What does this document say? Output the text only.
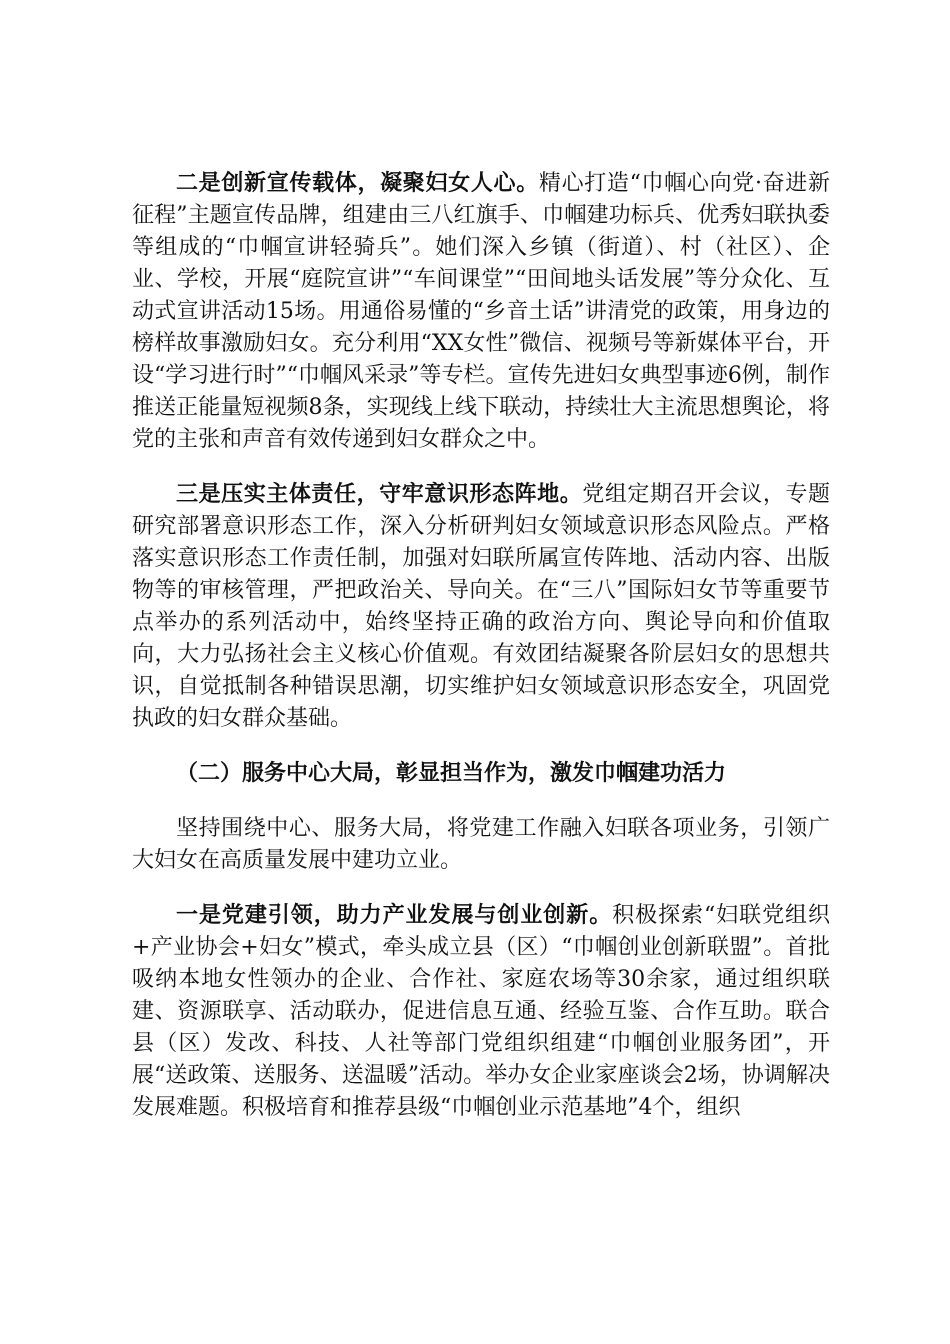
二是创新宣传载体，凝聚妇女人心。精心打造“巾帼心向党·奋进新征程”主题宣传品牌，组建由三八红旗手、巾帼建功标兵、优秀妇联执委等组成的“巾帼宣讲轻骑兵”。她们深入乡镇（街道）、村（社区）、企业、学校，开展“庭院宣讲”“车间课堂”“田间地头话发展”等分众化、互动式宣讲活动15场。用通俗易懂的“乡音土话”讲清党的政策，用身边的榜样故事激励妇女。充分利用“XX女性”微信、视频号等新媒体平台，开设“学习进行时”“巾帼风采录”等专栏。宣传先进妇女典型事迹6例，制作推送正能量短视频8条，实现线上线下联动，持续壮大主流思想舆论，将党的主张和声音有效传递到妇女群众之中。

三是压实主体责任，守牢意识形态阵地。党组定期召开会议，专题研究部署意识形态工作，深入分析研判妇女领域意识形态风险点。严格落实意识形态工作责任制，加强对妇联所属宣传阵地、活动内容、出版物等的审核管理，严把政治关、导向关。在“三八”国际妇女节等重要节点举办的系列活动中，始终坚持正确的政治方向、舆论导向和价值取向，大力弘扬社会主义核心价值观。有效团结凝聚各阶层妇女的思想共识，自觉抵制各种错误思潮，切实维护妇女领域意识形态安全，巩固党执政的妇女群众基础。

（二）服务中心大局，彰显担当作为，激发巾帼建功活力

坚持围绕中心、服务大局，将党建工作融入妇联各项业务，引领广大妇女在高质量发展中建功立业。

一是党建引领，助力产业发展与创业创新。积极探索“妇联党组织+产业协会+妇女”模式，牵头成立县（区）“巾帼创业创新联盟”。首批吸纳本地女性领办的企业、合作社、家庭农场等30余家，通过组织联建、资源联享、活动联办，促进信息互通、经验互鉴、合作互助。联合县（区）发改、科技、人社等部门党组织组建“巾帼创业服务团”，开展“送政策、送服务、送温暖”活动。举办女企业家座谈会2场，协调解决发展难题。积极培育和推荐县级“巾帼创业示范基地”4个，组织
